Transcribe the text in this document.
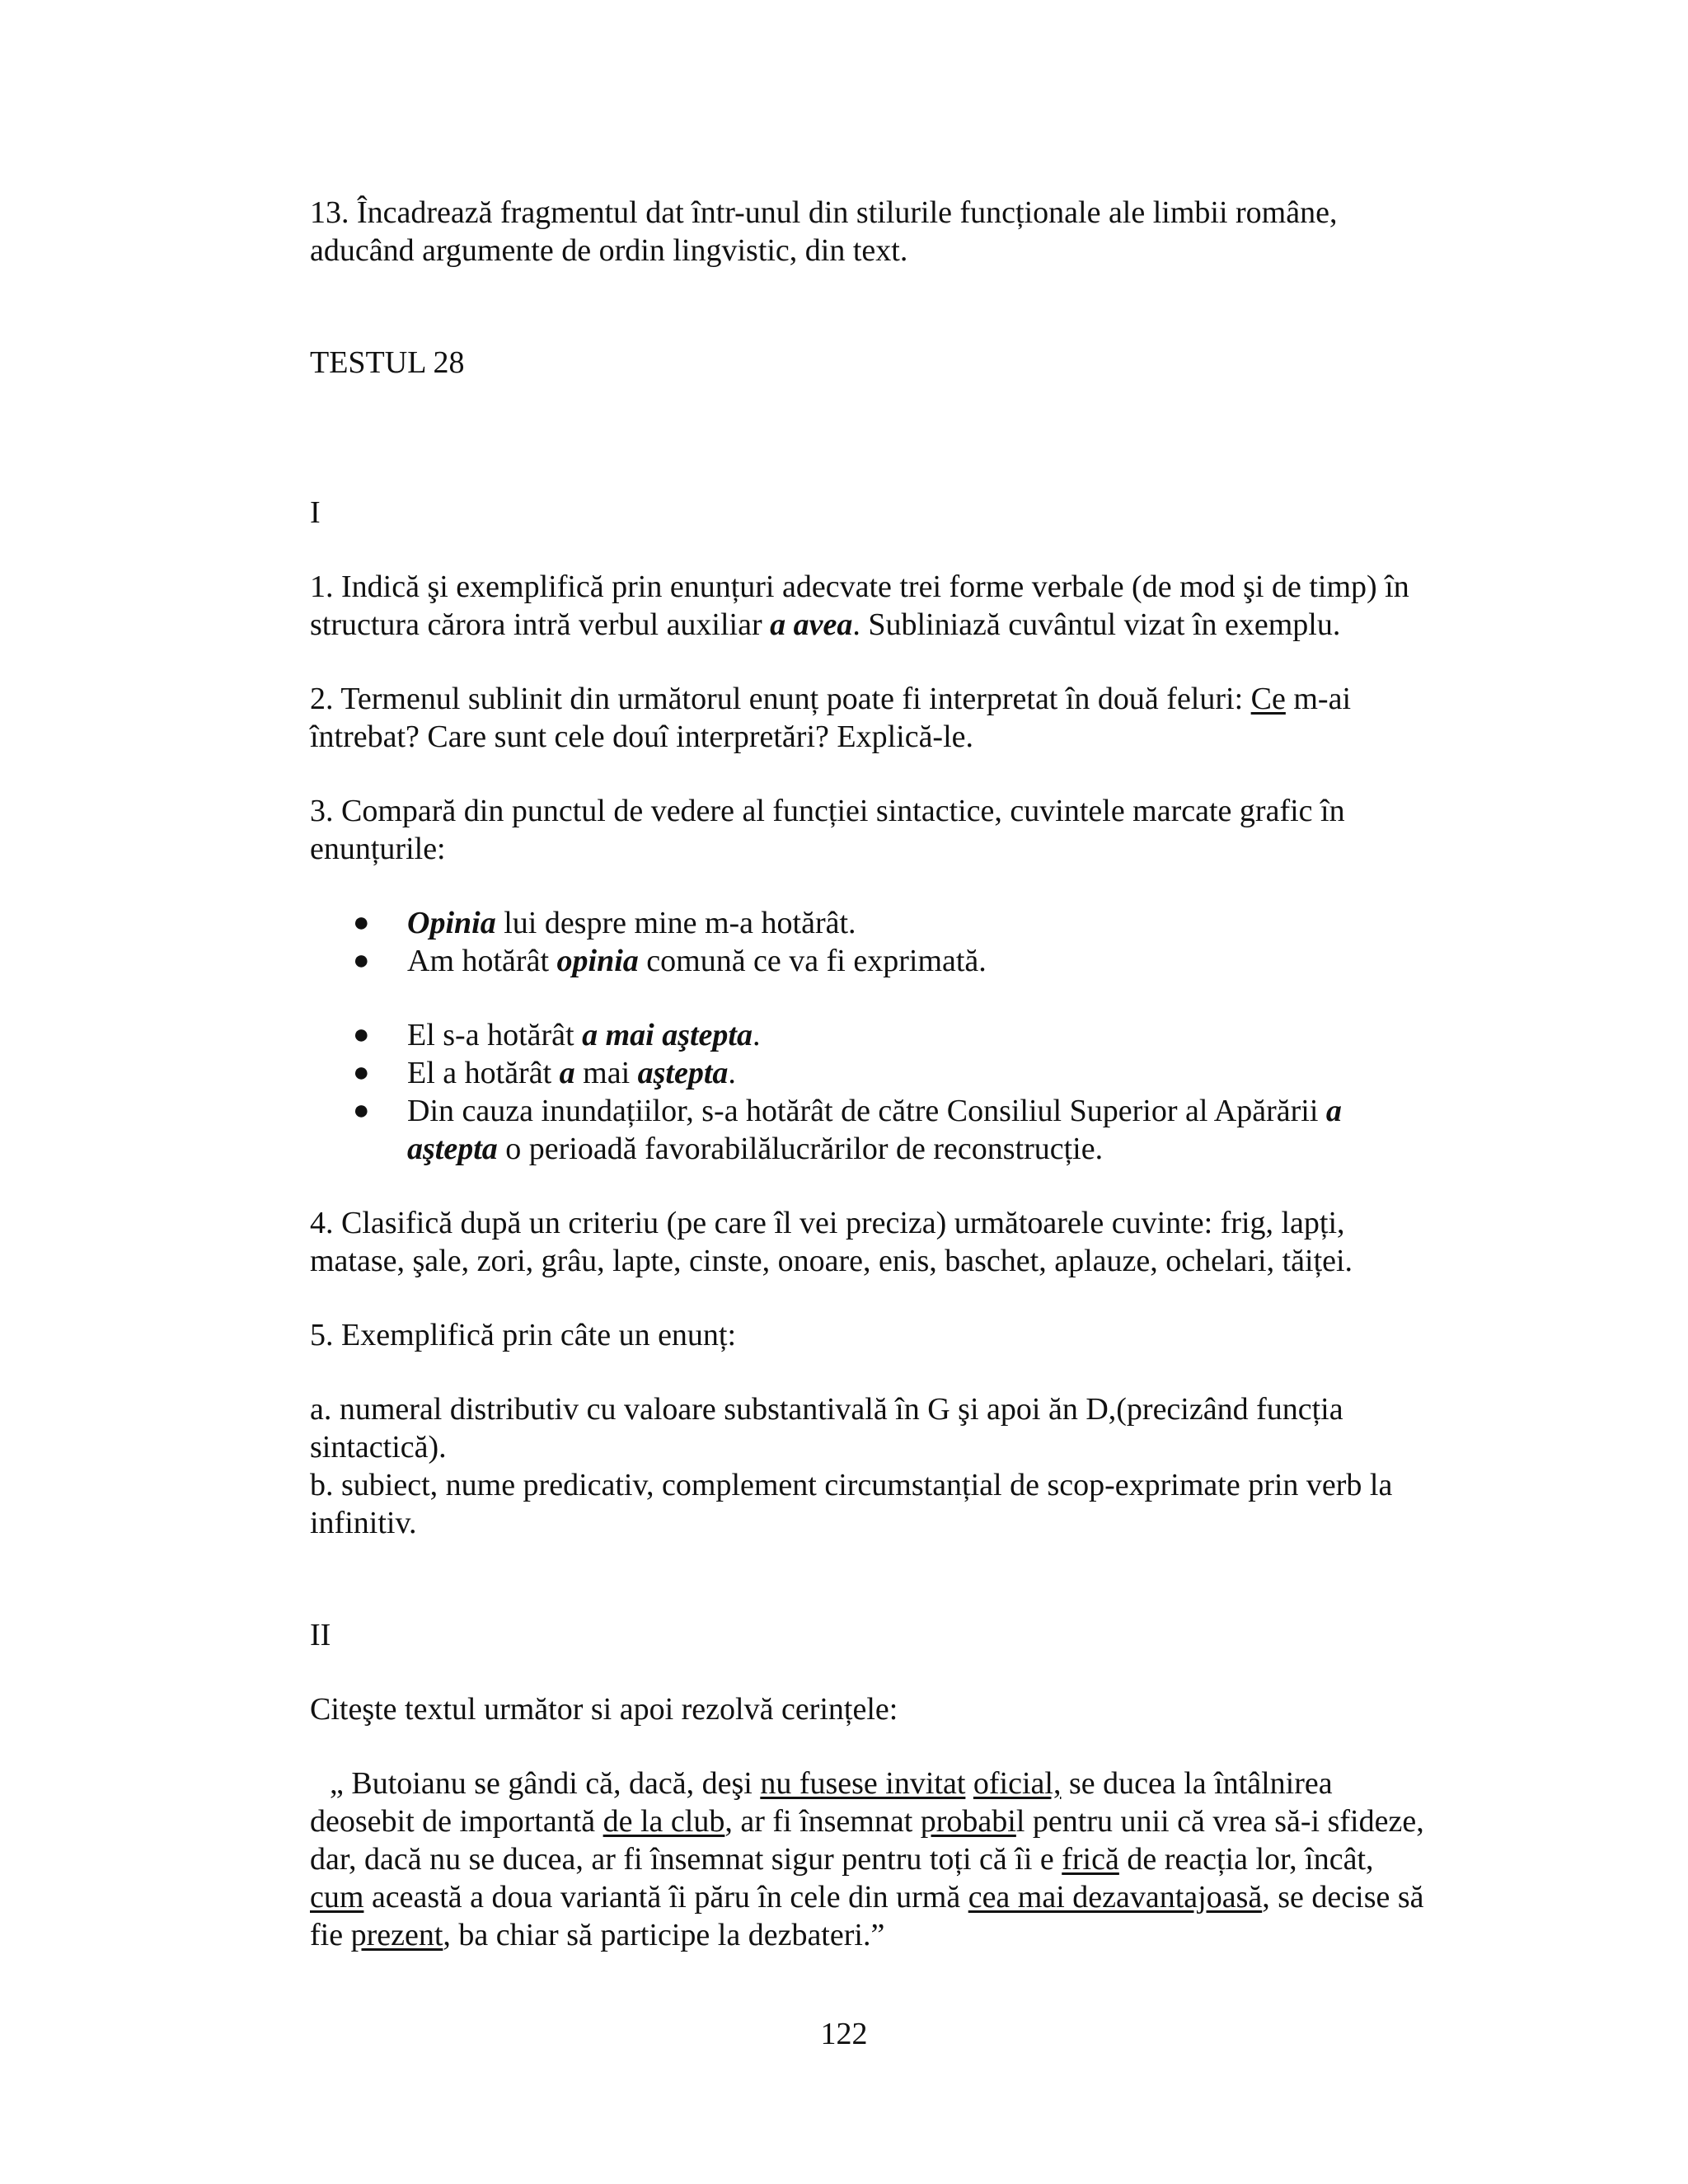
13. Încadrează fragmentul dat într-unul din stilurile funcționale ale limbii române,

aducând argumente de ordin lingvistic, din text.

TESTUL 28

I

1. Indică şi exemplifică prin enunțuri adecvate trei forme verbale (de mod şi de timp) în

structura cărora intră verbul auxiliar a avea. Subliniază cuvântul vizat în exemplu.

2. Termenul sublinit din următorul enunț poate fi interpretat în două feluri: Ce m-ai

întrebat? Care sunt cele douî interpretări? Explică-le.

3. Compară din punctul de vedere al funcției sintactice, cuvintele marcate grafic în

enunțurile:

● Opinia lui despre mine m-a hotărât.

● Am hotărât opinia comună ce va fi exprimată.

● El s-a hotărât a mai aştepta.

● El a hotărât a mai aştepta.

● Din cauza inundațiilor, s-a hotărât de către Consiliul Superior al Apărării a

aştepta o perioadă favorabilălucrărilor de reconstrucție.

4. Clasifică după un criteriu (pe care îl vei preciza) următoarele cuvinte: frig, lapți,

matase, şale, zori, grâu, lapte, cinste, onoare, enis, baschet, aplauze, ochelari, tăiței.

5. Exemplifică prin câte un enunț:

a. numeral distributiv cu valoare substantivală în G şi apoi ăn D,(precizând funcția

sintactică).

b. subiect, nume predicativ, complement circumstanțial de scop-exprimate prin verb la

infinitiv.

II

Citeşte textul următor si apoi rezolvă cerințele:

„ Butoianu se gândi că, dacă, deşi nu fusese invitat oficial, se ducea la întâlnirea

deosebit de importantă de la club, ar fi însemnat probabil pentru unii că vrea să-i sfideze,

dar, dacă nu se ducea, ar fi însemnat sigur pentru toți că îi e frică de reacția lor, încât,

cum această a doua variantă îi păru în cele din urmă cea mai dezavantajoasă, se decise să

fie prezent, ba chiar să participe la dezbateri.”

122
